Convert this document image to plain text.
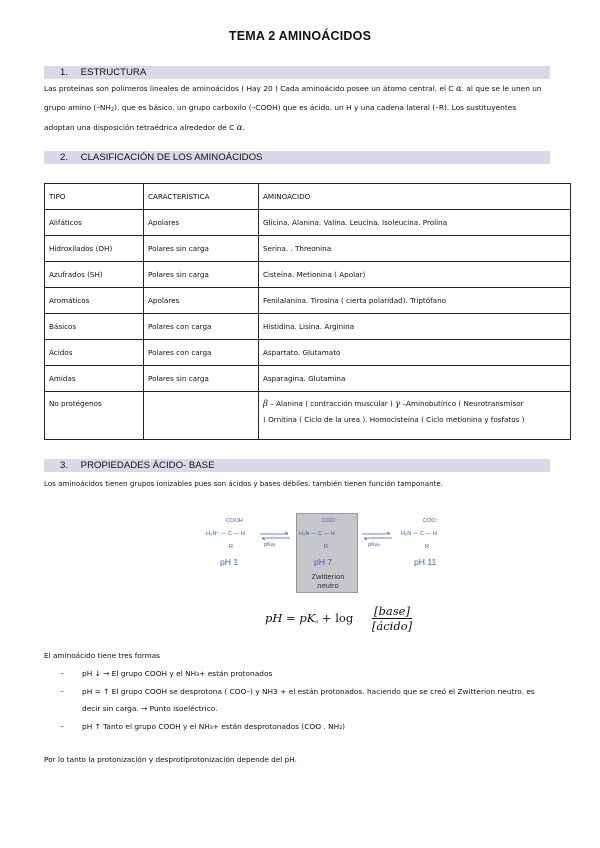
TEMA 2 AMINOÁCIDOS
1. ESTRUCTURA
Las proteínas son polímeros lineales de aminoácidos ( Hay 20 ) Cada aminoácido posee un átomo central. el C α. al que se le unen un
grupo amino $(-NH_2)$. que es básico. un grupo carboxilo (–COOH) que es ácido. un H y una cadena lateral (–R). Los sustituyentes
adoptan una disposición tetraédrica alrededor de C α.
2. CLASIFICACIÓN DE LOS AMINOÁCIDOS
TIPO	CARACTERÍSTICA	AMINOÁCIDO
Alifáticos	Apolares	Glicina. Alanina. Valina. Leucina. Isoleucina. Prolina
Hidroxilados (OH)	Polares sin carga	Serina. . Threonina
Azufrados (SH)	Polares sin carga	Cisteína. Metionina ( Apolar)
Aromáticos	Apolares	Fenilalanina. Tirosina ( cierta polaridad). Triptófano
Básicos	Polares con carga	Histidina. Lisina. Arginina
Ácidos	Polares con carga	Aspartato. Glutamato
Amidas	Polares sin carga	Asparagina. Glutamina
No protégenos		β – Alanina ( contracción muscular ) γ –Aminobutírico ( Neurotransmisor
) Ornitina ( Ciclo de la urea ). Homocisteína ( Ciclo metionina y fosfatos )
3. PROPIEDADES ÁCIDO- BASE
Los aminoácidos tienen grupos ionizables pues son ácidos y bases débiles. también tienen función tamponante.
COOH
H₃N⁺ — C — H
R
pH 1
pKa₁
COO⁻
H₃N — C — H
R
pH 7
Zwitterion
neutro
pKa₂
COO⁻
H₂N — C — H
R
pH 11
pH = $pK_a + \log$ [base]
[ácido]
El aminoácido tiene tres formas
– pH ↓ → El grupo COOH y el NH₃+ están protonados
– pH = ↑ El grupo COOH se desprotona ( COO–) y NH3 + el están protonados. haciendo que se creó el Zwitterion neutro. es
decir sin carga. → Punto isoeléctrico.
– pH ↑ Tanto el grupo COOH y el NH₃+ están desprotonados (COO . NH₂)
Por lo tanto la protonización y desprotiprotonización depende del pH.
